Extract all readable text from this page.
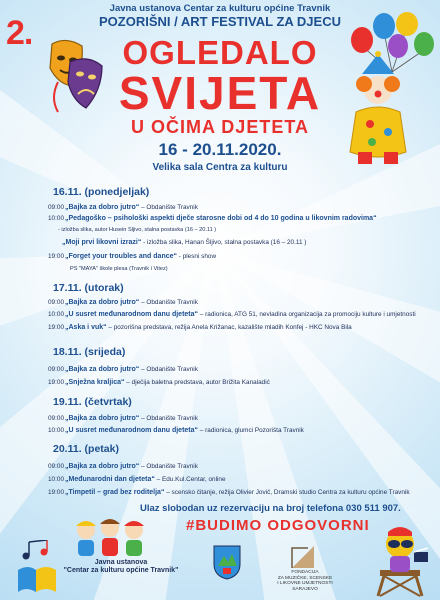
2.
Javna ustanova Centar za kulturu općine Travnik
POZORIŠNI / ART FESTIVAL ZA DJECU
OGLEDALO
SVIJETA
U OČIMA DJETETA
16 - 20.11.2020.
Velika sala Centra za kulturu
16.11. (ponedjeljak)
09:00„Bajka za dobro jutro“ – Obdanište Travnik
10:00„Pedagoško – psihološki aspekti dječe starosne dobi od 4 do 10 godina u likovnim radovima“
- izložba slika, autor Husein Šljivo, stalna postavka (16 – 20.11 )
„Moji prvi likovni izrazi“ - izložba slika, Hanan Šljivo, stalna postavka (16 – 20.11 )
19:00„Forget your troubles and dance“ - plesni show
PS "MAYA" škole plesa (Travnik i Vitez)
17.11. (utorak)
09:00„Bajka za dobro jutro“ – Obdanište Travnik
10:00„U susret međunarodnom danu djeteta“ – radionica, ATG 51, nevladina organizacija za promociju kulture i umjetnosti
19:00„Aska i vuk“ – pozorišna predstava, režija Anela Križanac, kazalište mladih Konfej - HKC Nova Bila
18.11. (srijeda)
09:00„Bajka za dobro jutro“ – Obdanište Travnik
19:00„Snježna kraljica“ – dječija baletna predstava, autor Brižita Kanaladić
19.11. (četvrtak)
09:00„Bajka za dobro jutro“ – Obdanište Travnik
10:00„U susret međunarodnom danu djeteta“ – radionica, glumci Pozorišta Travnik
20.11. (petak)
09:00„Bajka za dobro jutro“ – Obdanište Travnik
10:00„Međunarodni dan djeteta“ – Edu.Kul.Centar, online
19:00„Timpetil – grad bez roditelja“ – scensko čitanje, režija Olivier Jovič, Dramski studio Centra za kulturu općine Travnik
Ulaz slobodan uz rezervaciju na broj telefona 030 511 907.
#BUDIMO ODGOVORNI
Javna ustanova
"Centar za kulturu općine Travnik"	FONDACIJA
ZA MUZIČKE, SCENSKE
I LIKOVNE UMJETNOSTI
SARAJEVO
